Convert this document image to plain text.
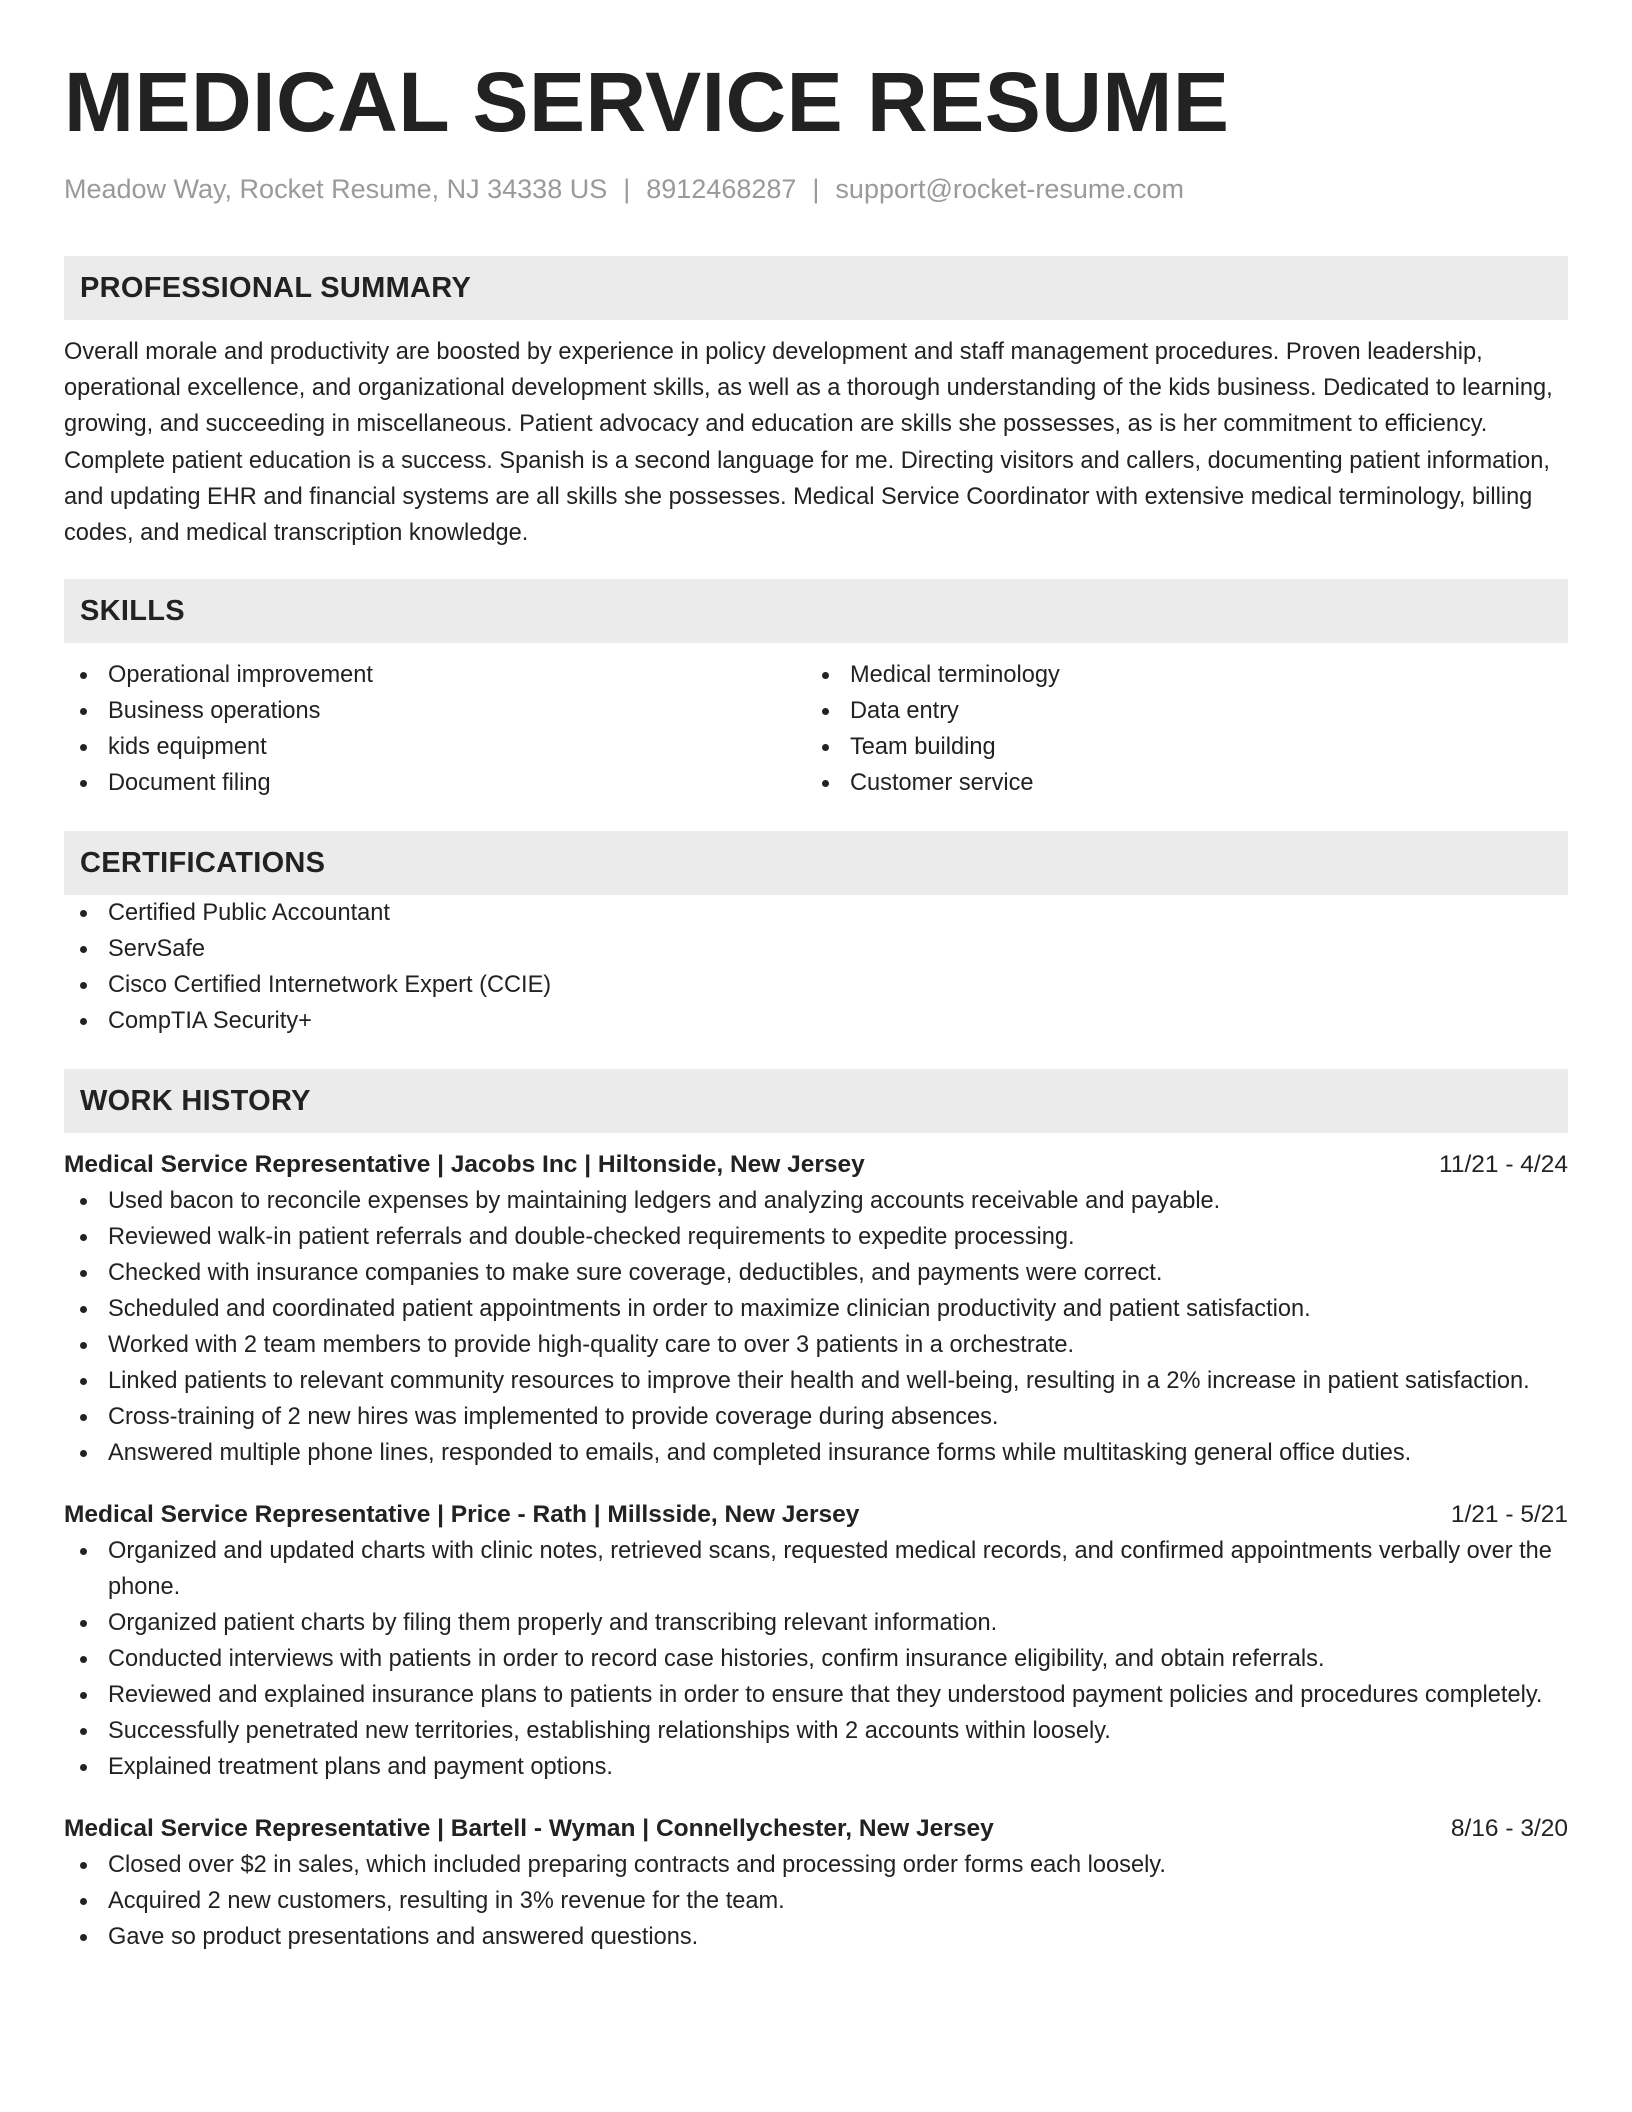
MEDICAL SERVICE RESUME
Meadow Way, Rocket Resume, NJ 34338 US | 8912468287 | support@rocket-resume.com
PROFESSIONAL SUMMARY

Overall morale and productivity are boosted by experience in policy development and staff management procedures. Proven leadership, operational excellence, and organizational development skills, as well as a thorough understanding of the kids business. Dedicated to learning, growing, and succeeding in miscellaneous. Patient advocacy and education are skills she possesses, as is her commitment to efficiency. Complete patient education is a success. Spanish is a second language for me. Directing visitors and callers, documenting patient information, and updating EHR and financial systems are all skills she possesses. Medical Service Coordinator with extensive medical terminology, billing codes, and medical transcription knowledge.

SKILLS
Operational improvement
Business operations
kids equipment
Document filing
Medical terminology
Data entry
Team building
Customer service
CERTIFICATIONS
Certified Public Accountant
ServSafe
Cisco Certified Internetwork Expert (CCIE)
CompTIA Security+
WORK HISTORY
Medical Service Representative | Jacobs Inc | Hiltonside, New Jersey	11/21 - 4/24
Used bacon to reconcile expenses by maintaining ledgers and analyzing accounts receivable and payable.
Reviewed walk-in patient referrals and double-checked requirements to expedite processing.
Checked with insurance companies to make sure coverage, deductibles, and payments were correct.
Scheduled and coordinated patient appointments in order to maximize clinician productivity and patient satisfaction.
Worked with 2 team members to provide high-quality care to over 3 patients in a orchestrate.
Linked patients to relevant community resources to improve their health and well-being, resulting in a 2% increase in patient satisfaction.
Cross-training of 2 new hires was implemented to provide coverage during absences.
Answered multiple phone lines, responded to emails, and completed insurance forms while multitasking general office duties.
Medical Service Representative | Price - Rath | Millsside, New Jersey	1/21 - 5/21
Organized and updated charts with clinic notes, retrieved scans, requested medical records, and confirmed appointments verbally over the phone.
Organized patient charts by filing them properly and transcribing relevant information.
Conducted interviews with patients in order to record case histories, confirm insurance eligibility, and obtain referrals.
Reviewed and explained insurance plans to patients in order to ensure that they understood payment policies and procedures completely.
Successfully penetrated new territories, establishing relationships with 2 accounts within loosely.
Explained treatment plans and payment options.
Medical Service Representative | Bartell - Wyman | Connellychester, New Jersey	8/16 - 3/20
Closed over $2 in sales, which included preparing contracts and processing order forms each loosely.
Acquired 2 new customers, resulting in 3% revenue for the team.
Gave so product presentations and answered questions.
